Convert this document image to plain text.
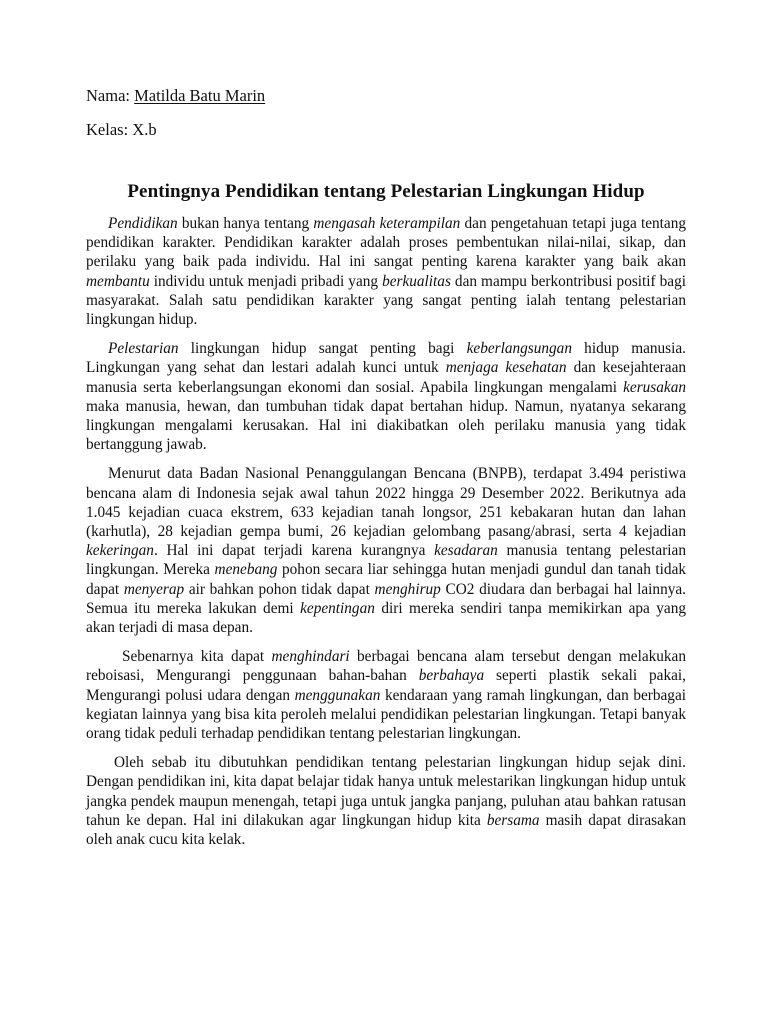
Nama: Matilda Batu Marin

Kelas: X.b

Pentingnya Pendidikan tentang Pelestarian Lingkungan Hidup

Pendidikan bukan hanya tentang mengasah keterampilan dan pengetahuan tetapi juga tentang pendidikan karakter. Pendidikan karakter adalah proses pembentukan nilai-nilai, sikap, dan perilaku yang baik pada individu. Hal ini sangat penting karena karakter yang baik akan membantu individu untuk menjadi pribadi yang berkualitas dan mampu berkontribusi positif bagi masyarakat. Salah satu pendidikan karakter yang sangat penting ialah tentang pelestarian lingkungan hidup.

Pelestarian lingkungan hidup sangat penting bagi keberlangsungan hidup manusia. Lingkungan yang sehat dan lestari adalah kunci untuk menjaga kesehatan dan kesejahteraan manusia serta keberlangsungan ekonomi dan sosial. Apabila lingkungan mengalami kerusakan maka manusia, hewan, dan tumbuhan tidak dapat bertahan hidup. Namun, nyatanya sekarang lingkungan mengalami kerusakan. Hal ini diakibatkan oleh perilaku manusia yang tidak bertanggung jawab.

Menurut data Badan Nasional Penanggulangan Bencana (BNPB), terdapat 3.494 peristiwa bencana alam di Indonesia sejak awal tahun 2022 hingga 29 Desember 2022. Berikutnya ada 1.045 kejadian cuaca ekstrem, 633 kejadian tanah longsor, 251 kebakaran hutan dan lahan (karhutla), 28 kejadian gempa bumi, 26 kejadian gelombang pasang/abrasi, serta 4 kejadian kekeringan. Hal ini dapat terjadi karena kurangnya kesadaran manusia tentang pelestarian lingkungan. Mereka menebang pohon secara liar sehingga hutan menjadi gundul dan tanah tidak dapat menyerap air bahkan pohon tidak dapat menghirup CO2 diudara dan berbagai hal lainnya. Semua itu mereka lakukan demi kepentingan diri mereka sendiri tanpa memikirkan apa yang akan terjadi di masa depan.

Sebenarnya kita dapat menghindari berbagai bencana alam tersebut dengan melakukan reboisasi, Mengurangi penggunaan bahan-bahan berbahaya seperti plastik sekali pakai, Mengurangi polusi udara dengan menggunakan kendaraan yang ramah lingkungan, dan berbagai kegiatan lainnya yang bisa kita peroleh melalui pendidikan pelestarian lingkungan. Tetapi banyak orang tidak peduli terhadap pendidikan tentang pelestarian lingkungan.

Oleh sebab itu dibutuhkan pendidikan tentang pelestarian lingkungan hidup sejak dini. Dengan pendidikan ini, kita dapat belajar tidak hanya untuk melestarikan lingkungan hidup untuk jangka pendek maupun menengah, tetapi juga untuk jangka panjang, puluhan atau bahkan ratusan tahun ke depan. Hal ini dilakukan agar lingkungan hidup kita bersama masih dapat dirasakan oleh anak cucu kita kelak.
